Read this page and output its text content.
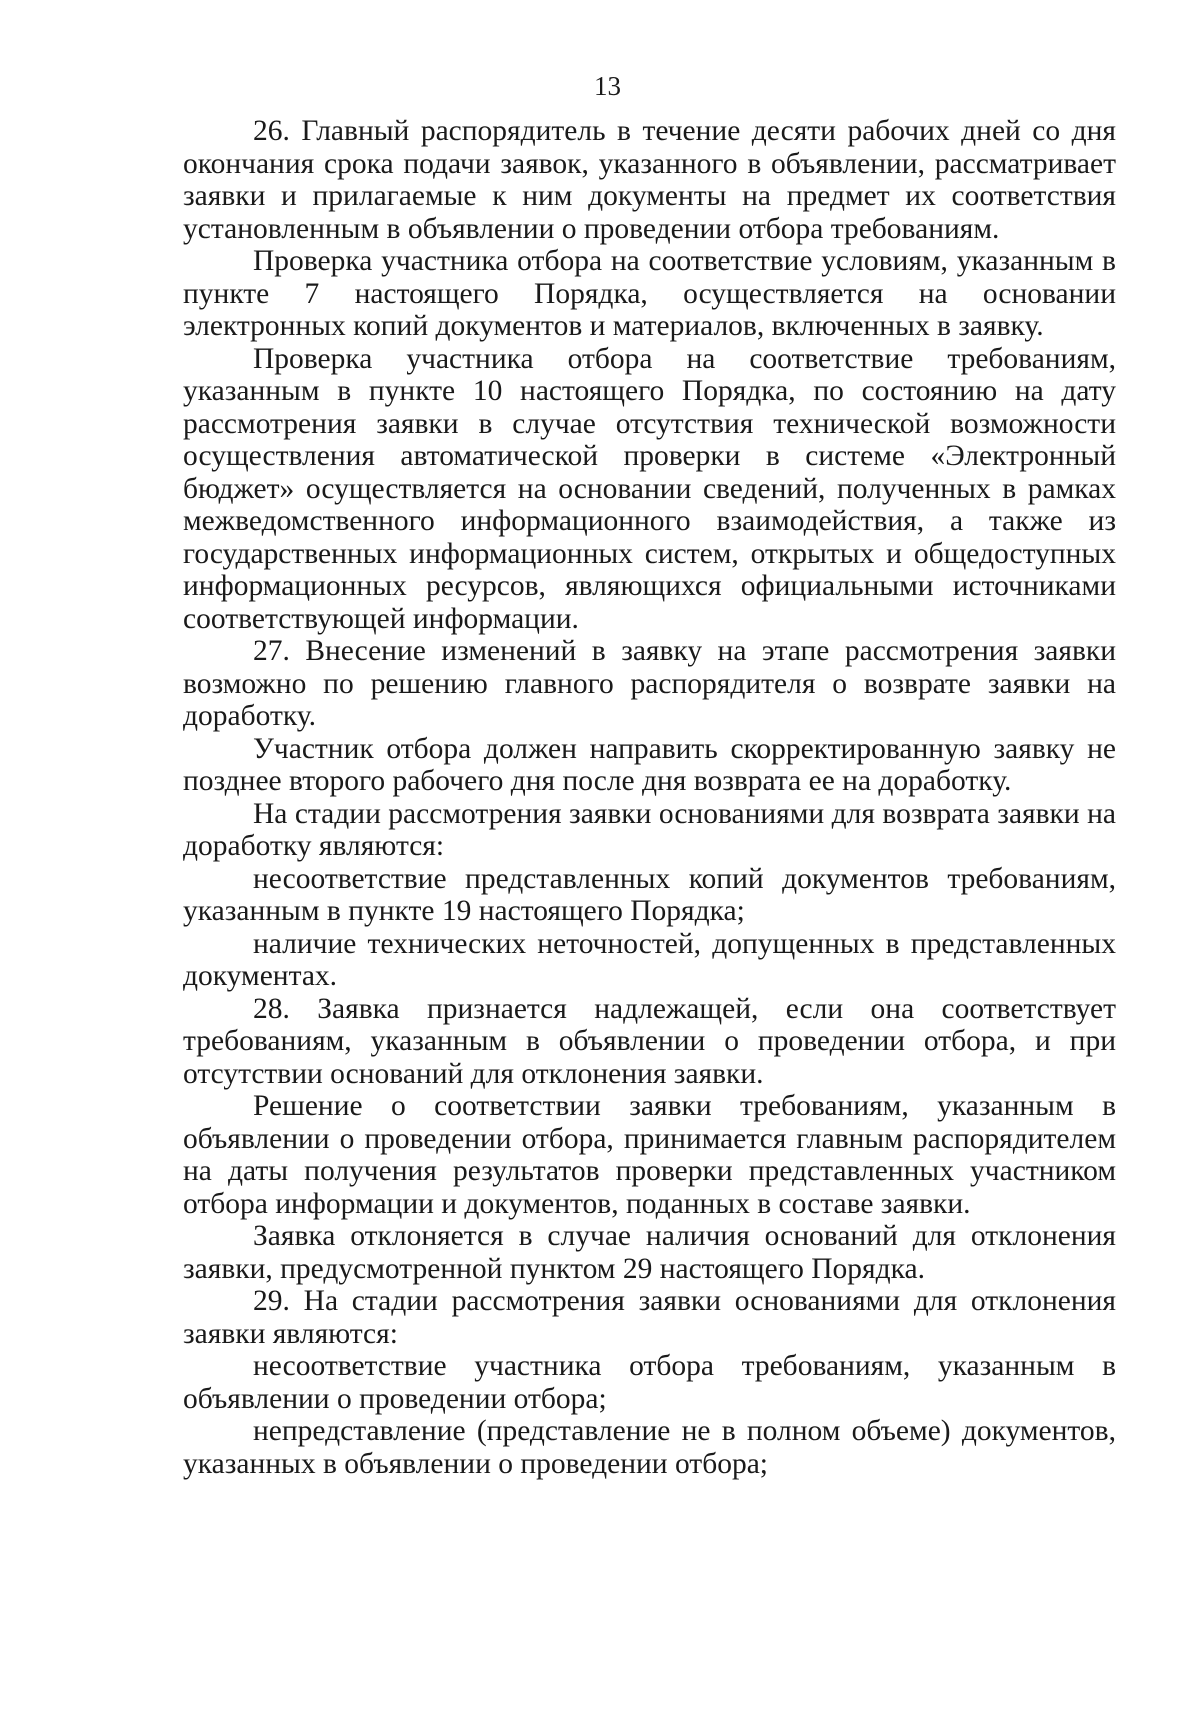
13

26. Главный распорядитель в течение десяти рабочих дней со дня окончания срока подачи заявок, указанного в объявлении, рассматривает заявки и прилагаемые к ним документы на предмет их соответствия установленным в объявлении о проведении отбора требованиям.

Проверка участника отбора на соответствие условиям, указанным в пункте 7 настоящего Порядка, осуществляется на основании электронных копий документов и материалов, включенных в заявку.

Проверка участника отбора на соответствие требованиям, указанным в пункте 10 настоящего Порядка, по состоянию на дату рассмотрения заявки в случае отсутствия технической возможности осуществления автоматической проверки в системе «Электронный бюджет» осуществляется на основании сведений, полученных в рамках межведомственного информационного взаимодействия, а также из государственных информационных систем, открытых и общедоступных информационных ресурсов, являющихся официальными источниками соответствующей информации.

27. Внесение изменений в заявку на этапе рассмотрения заявки возможно по решению главного распорядителя о возврате заявки на доработку.

Участник отбора должен направить скорректированную заявку не позднее второго рабочего дня после дня возврата ее на доработку.

На стадии рассмотрения заявки основаниями для возврата заявки на доработку являются:

несоответствие представленных копий документов требованиям, указанным в пункте 19 настоящего Порядка;

наличие технических неточностей, допущенных в представленных документах.

28. Заявка признается надлежащей, если она соответствует требованиям, указанным в объявлении о проведении отбора, и при отсутствии оснований для отклонения заявки.

Решение о соответствии заявки требованиям, указанным в объявлении о проведении отбора, принимается главным распорядителем на даты получения результатов проверки представленных участником отбора информации и документов, поданных в составе заявки.

Заявка отклоняется в случае наличия оснований для отклонения заявки, предусмотренной пунктом 29 настоящего Порядка.

29. На стадии рассмотрения заявки основаниями для отклонения заявки являются:

несоответствие участника отбора требованиям, указанным в объявлении о проведении отбора;

непредставление (представление не в полном объеме) документов, указанных в объявлении о проведении отбора;
